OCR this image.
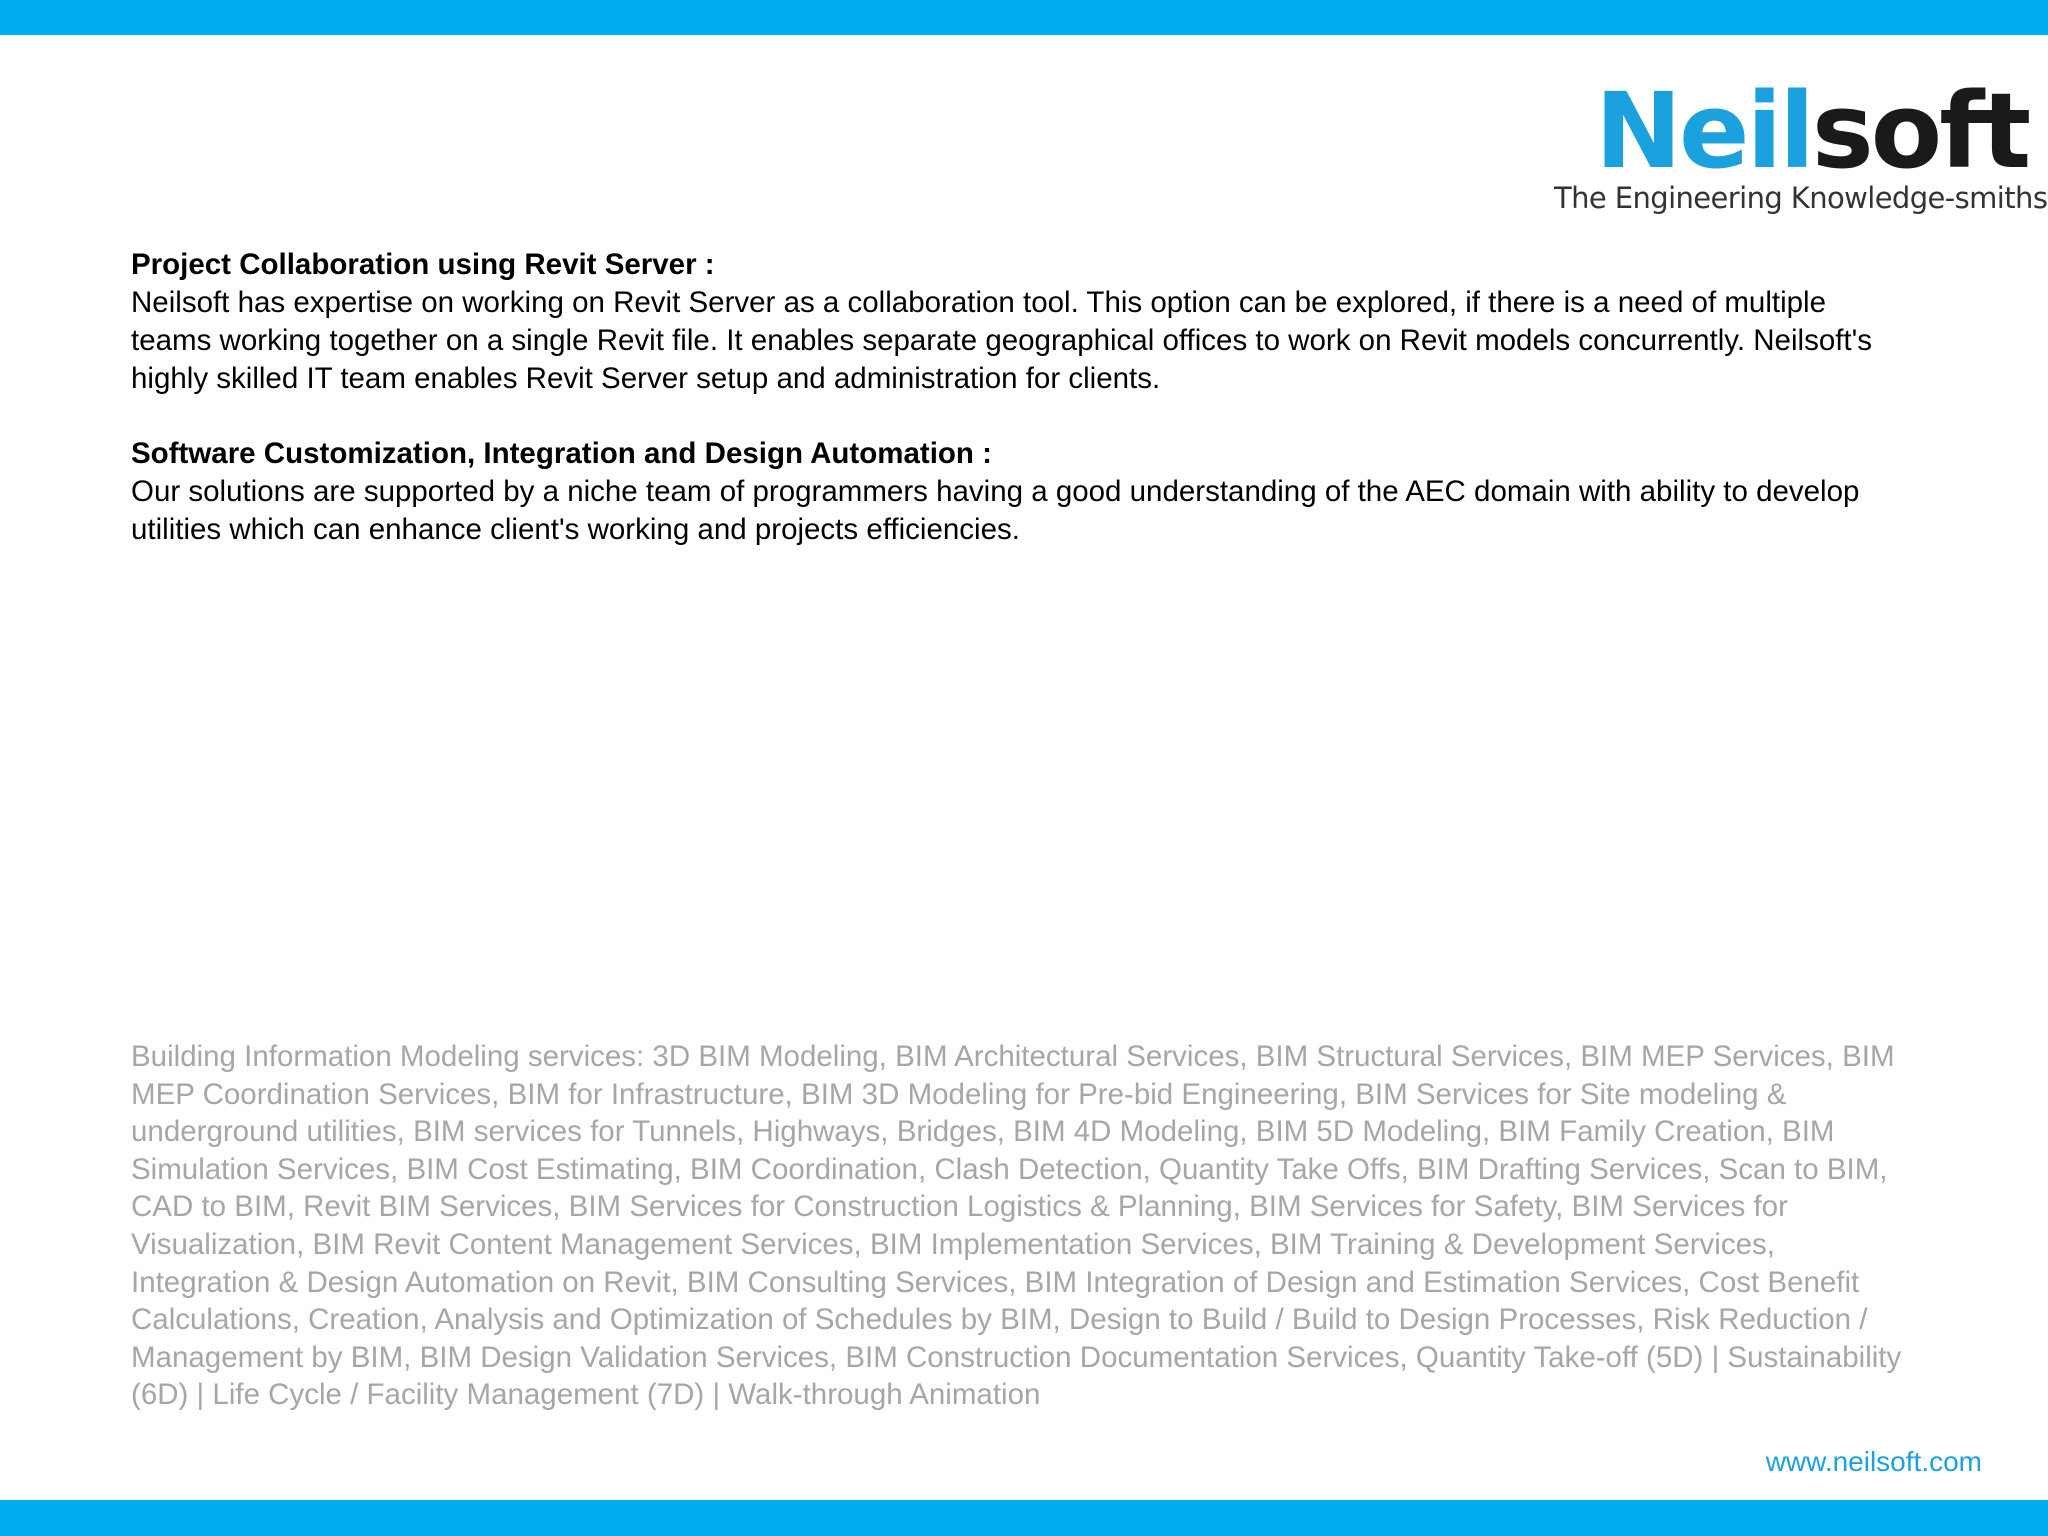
Neilsoft
The Engineering Knowledge-smiths
Project Collaboration using Revit Server :

Neilsoft has expertise on working on Revit Server as a collaboration tool. This option can be explored, if there is a need of multiple teams working together on a single Revit file. It enables separate geographical offices to work on Revit models concurrently. Neilsoft's highly skilled IT team enables Revit Server setup and administration for clients.

Software Customization, Integration and Design Automation :

Our solutions are supported by a niche team of programmers having a good understanding of the AEC domain with ability to develop utilities which can enhance client's working and projects efficiencies.

Building Information Modeling services: 3D BIM Modeling, BIM Architectural Services, BIM Structural Services, BIM MEP Services, BIM MEP Coordination Services, BIM for Infrastructure, BIM 3D Modeling for Pre-bid Engineering, BIM Services for Site modeling & underground utilities, BIM services for Tunnels, Highways, Bridges, BIM 4D Modeling, BIM 5D Modeling, BIM Family Creation, BIM Simulation Services, BIM Cost Estimating, BIM Coordination, Clash Detection, Quantity Take Offs, BIM Drafting Services, Scan to BIM, CAD to BIM, Revit BIM Services, BIM Services for Construction Logistics & Planning, BIM Services for Safety, BIM Services for Visualization, BIM Revit Content Management Services, BIM Implementation Services, BIM Training & Development Services, Integration & Design Automation on Revit, BIM Consulting Services, BIM Integration of Design and Estimation Services, Cost Benefit Calculations, Creation, Analysis and Optimization of Schedules by BIM, Design to Build / Build to Design Processes, Risk Reduction / Management by BIM, BIM Design Validation Services, BIM Construction Documentation Services, Quantity Take-off (5D) | Sustainability (6D) | Life Cycle / Facility Management (7D) | Walk-through Animation

www.neilsoft.com
